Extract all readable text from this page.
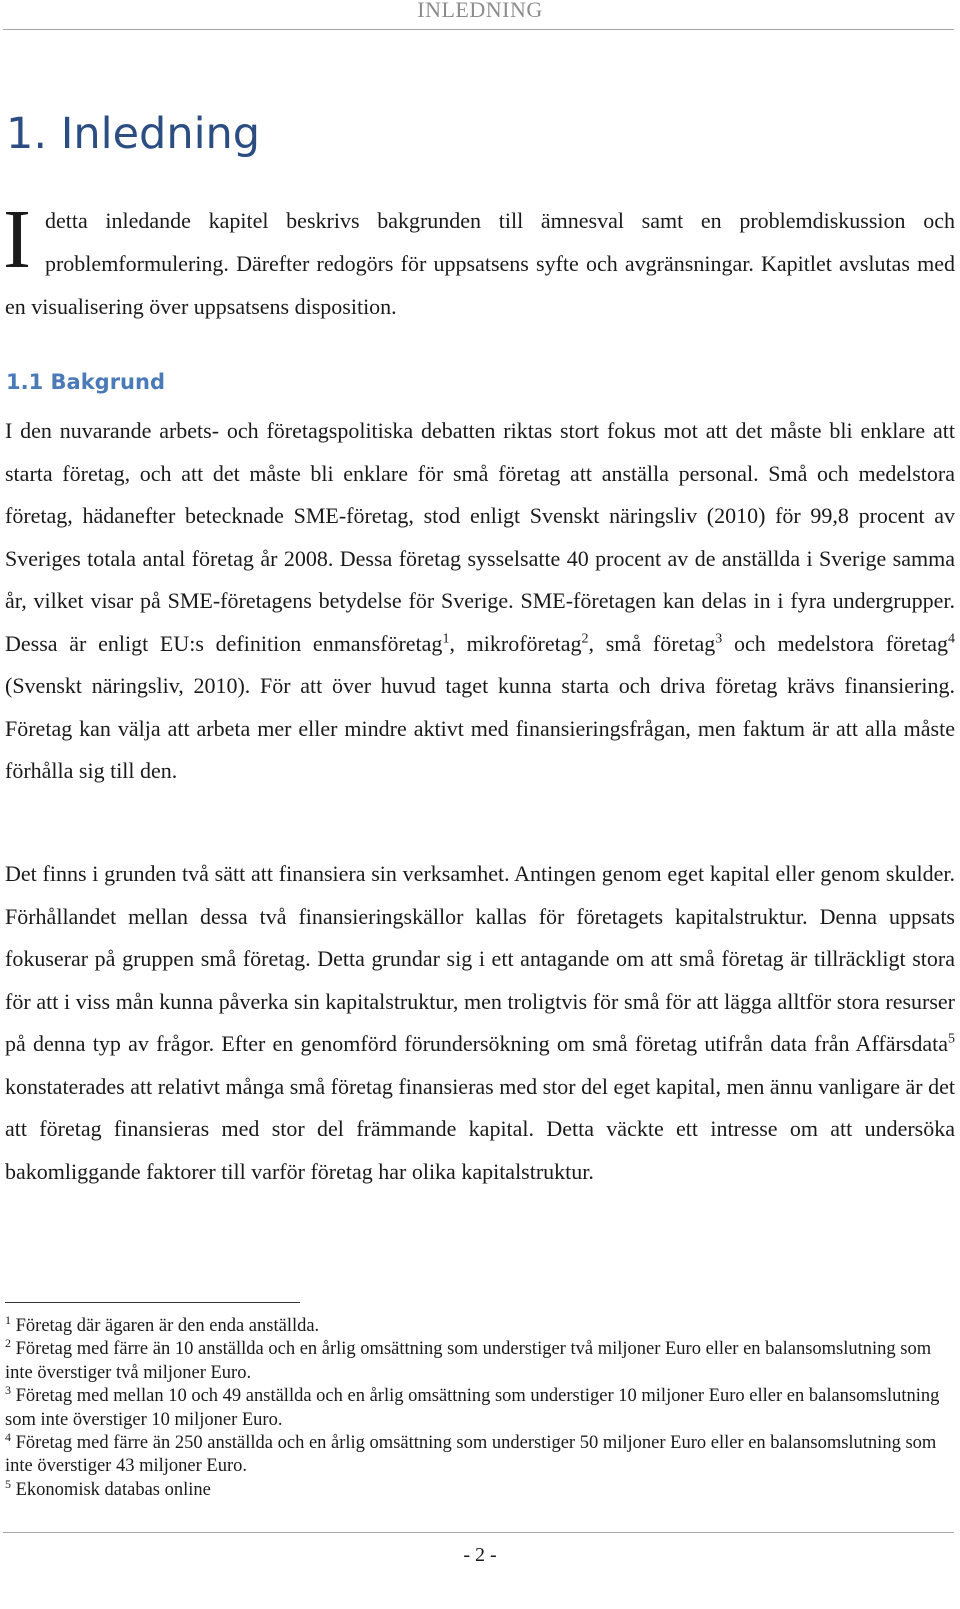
INLEDNING
1. Inledning

Idetta inledande kapitel beskrivs bakgrunden till ämnesval samt en problemdiskussion och problemformulering. Därefter redogörs för uppsatsens syfte och avgränsningar. Kapitlet avslutas med en visualisering över uppsatsens disposition.

1.1 Bakgrund

I den nuvarande arbets- och företagspolitiska debatten riktas stort fokus mot att det måste bli enklare att starta företag, och att det måste bli enklare för små företag att anställa personal. Små och medelstora företag, hädanefter betecknade SME-företag, stod enligt Svenskt näringsliv (2010) för 99,8 procent av Sveriges totala antal företag år 2008. Dessa företag sysselsatte 40 procent av de anställda i Sverige samma år, vilket visar på SME-företagens betydelse för Sverige. SME-företagen kan delas in i fyra undergrupper. Dessa är enligt EU:s definition enmansföretag$^1$, mikroföretag$^2$, små företag$^3$ och medelstora företag$^4$ (Svenskt näringsliv, 2010). För att över huvud taget kunna starta och driva företag krävs finansiering. Företag kan välja att arbeta mer eller mindre aktivt med finansieringsfrågan, men faktum är att alla måste förhålla sig till den.

Det finns i grunden två sätt att finansiera sin verksamhet. Antingen genom eget kapital eller genom skulder. Förhållandet mellan dessa två finansieringskällor kallas för företagets kapitalstruktur. Denna uppsats fokuserar på gruppen små företag. Detta grundar sig i ett antagande om att små företag är tillräckligt stora för att i viss mån kunna påverka sin kapitalstruktur, men troligtvis för små för att lägga alltför stora resurser på denna typ av frågor. Efter en genomförd förundersökning om små företag utifrån data från Affärsdata$^5$ konstaterades att relativt många små företag finansieras med stor del eget kapital, men ännu vanligare är det att företag finansieras med stor del främmande kapital. Detta väckte ett intresse om att undersöka bakomliggande faktorer till varför företag har olika kapitalstruktur.

$^1$ Företag där ägaren är den enda anställda.

$^2$ Företag med färre än 10 anställda och en årlig omsättning som understiger två miljoner Euro eller en balansomslutning som inte överstiger två miljoner Euro.

$^3$ Företag med mellan 10 och 49 anställda och en årlig omsättning som understiger 10 miljoner Euro eller en balansomslutning som inte överstiger 10 miljoner Euro.

$^4$ Företag med färre än 250 anställda och en årlig omsättning som understiger 50 miljoner Euro eller en balansomslutning som inte överstiger 43 miljoner Euro.

$^5$ Ekonomisk databas online

- 2 -
